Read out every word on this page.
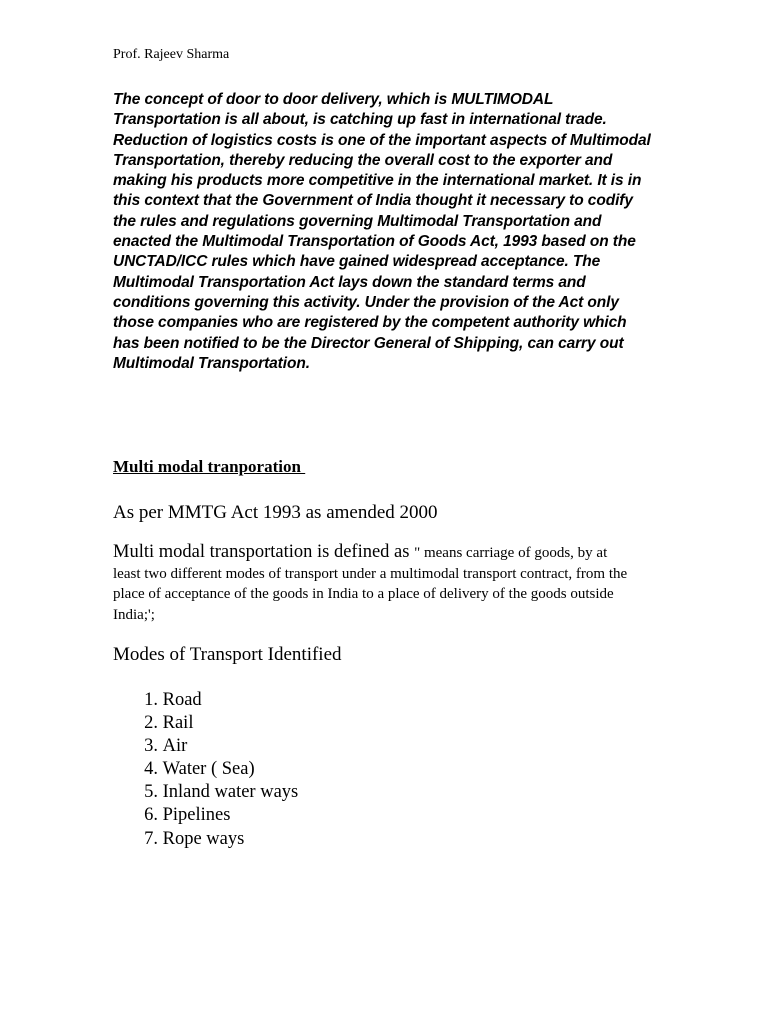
Prof. Rajeev Sharma

The concept of door to door delivery, which is MULTIMODAL Transportation is all about, is catching up fast in international trade. Reduction of logistics costs is one of the important aspects of Multimodal Transportation, thereby reducing the overall cost to the exporter and making his products more competitive in the international market. It is in this context that the Government of India thought it necessary to codify the rules and regulations governing Multimodal Transportation and enacted the Multimodal Transportation of Goods Act, 1993 based on the UNCTAD/ICC rules which have gained widespread acceptance. The Multimodal Transportation Act lays down the standard terms and conditions governing this activity. Under the provision of the Act only those companies who are registered by the competent authority which has been notified to be the Director General of Shipping, can carry out Multimodal Transportation.

Multi modal tranporation

As per MMTG Act 1993 as amended 2000

Multi modal transportation is defined as " means carriage of goods, by at least two different modes of transport under a multimodal transport contract, from the place of acceptance of the goods in India to a place of delivery of the goods outside India;';

Modes of Transport Identified

1.
Road
2.
Rail
3.
Air
4.
Water ( Sea)
5.
Inland water ways
6.
Pipelines
7.
Rope ways
